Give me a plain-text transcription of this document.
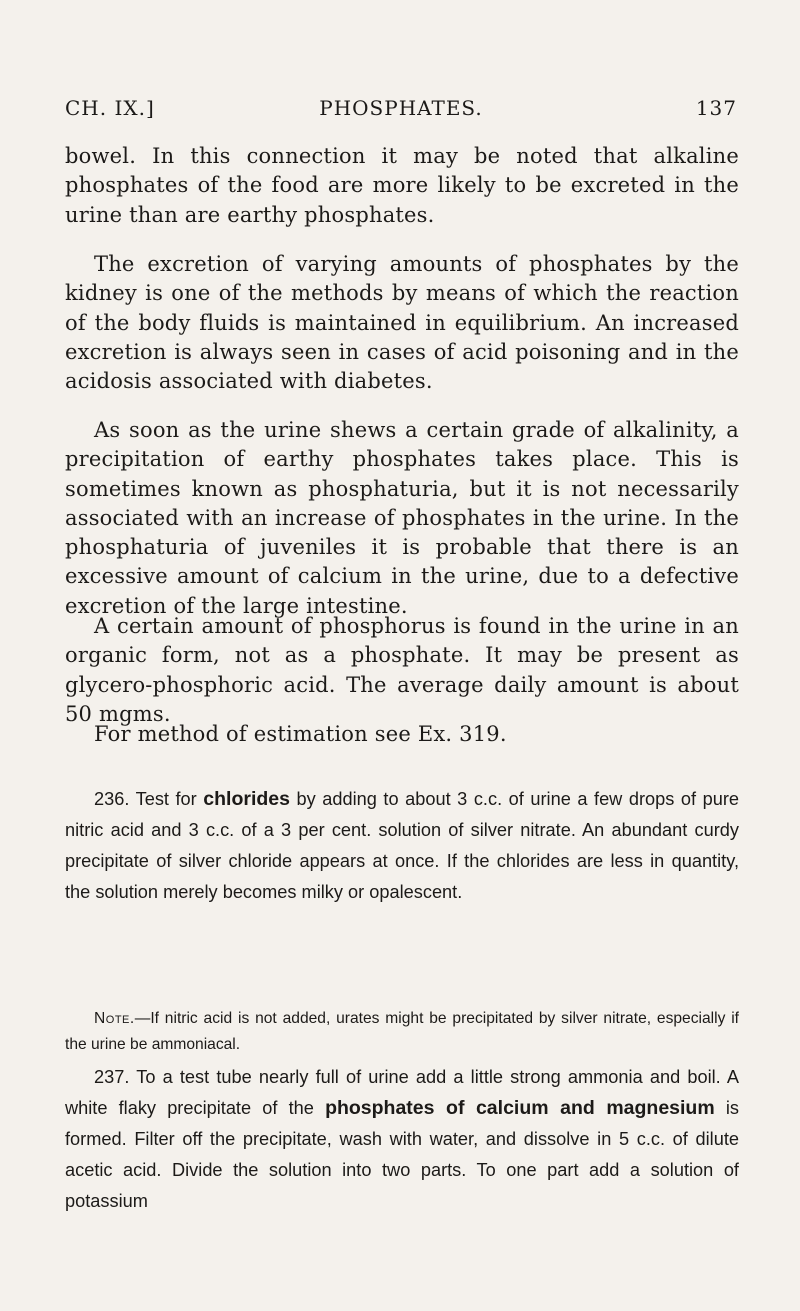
CH. IX.]	PHOSPHATES.	137

bowel. In this connection it may be noted that alkaline phosphates of the food are more likely to be excreted in the urine than are earthy phosphates.

The excretion of varying amounts of phosphates by the kidney is one of the methods by means of which the reaction of the body fluids is maintained in equilibrium. An increased excretion is always seen in cases of acid poisoning and in the acidosis associated with diabetes.

As soon as the urine shews a certain grade of alkalinity, a precipitation of earthy phosphates takes place. This is sometimes known as phosphaturia, but it is not necessarily associated with an increase of phosphates in the urine. In the phosphaturia of juveniles it is probable that there is an excessive amount of calcium in the urine, due to a defective excretion of the large intestine.

A certain amount of phosphorus is found in the urine in an organic form, not as a phosphate. It may be present as glycero-phosphoric acid. The average daily amount is about 50 mgms.

For method of estimation see Ex. 319.

236. Test for chlorides by adding to about 3 c.c. of urine a few drops of pure nitric acid and 3 c.c. of a 3 per cent. solution of silver nitrate. An abundant curdy precipitate of silver chloride appears at once. If the chlorides are less in quantity, the solution merely becomes milky or opalescent.

Note.—If nitric acid is not added, urates might be precipitated by silver nitrate, especially if the urine be ammoniacal.

237. To a test tube nearly full of urine add a little strong ammonia and boil. A white flaky precipitate of the phosphates of calcium and magnesium is formed. Filter off the precipitate, wash with water, and dissolve in 5 c.c. of dilute acetic acid. Divide the solution into two parts. To one part add a solution of potassium
